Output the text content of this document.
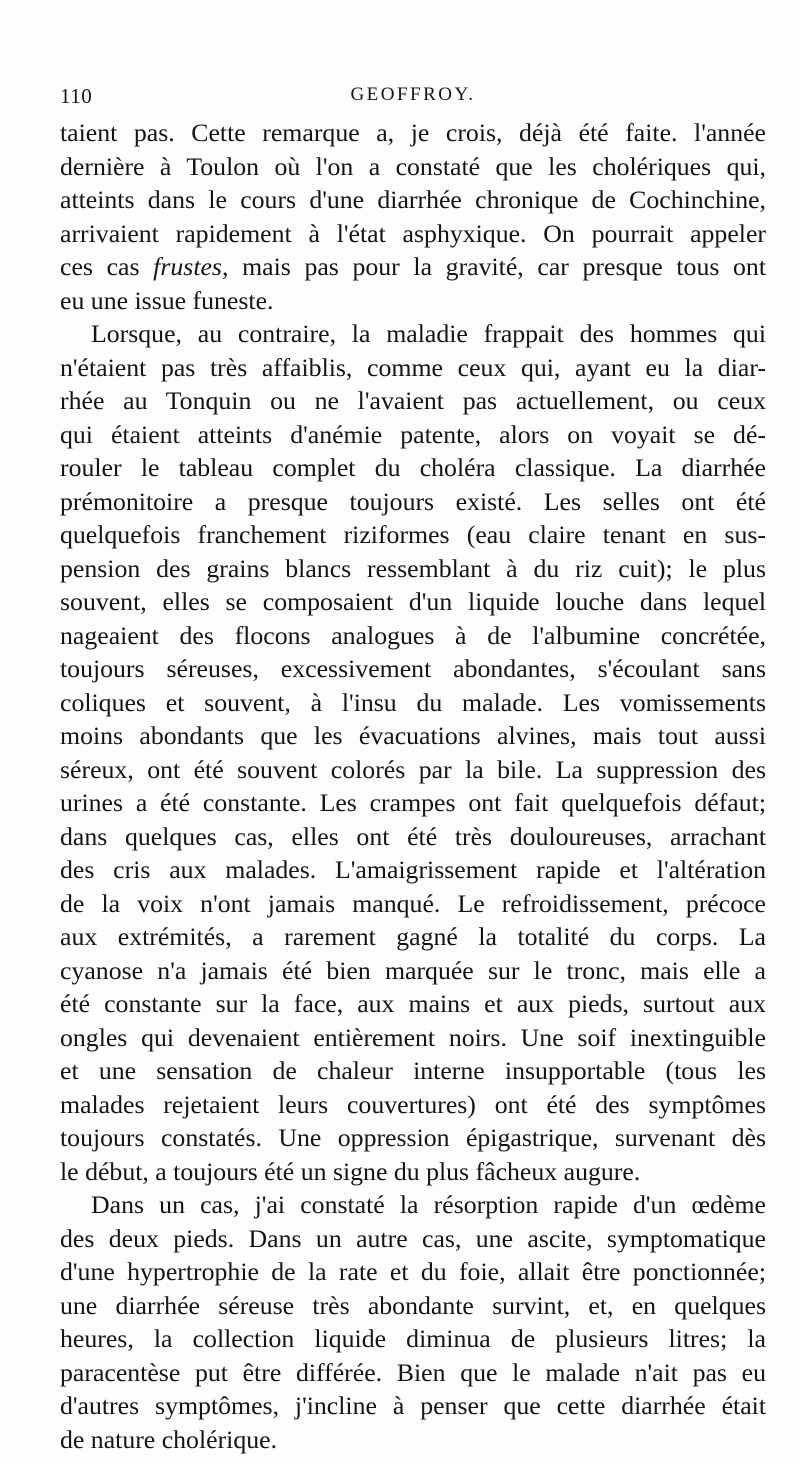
110	GEOFFROY.
taient pas. Cette remarque a, je crois, déjà été faite. l'année
dernière à Toulon où l'on a constaté que les cholériques qui,
atteints dans le cours d'une diarrhée chronique de Cochinchine,
arrivaient rapidement à l'état asphyxique. On pourrait appeler
ces cas frustes, mais pas pour la gravité, car presque tous ont
eu une issue funeste.
Lorsque, au contraire, la maladie frappait des hommes qui
n'étaient pas très affaiblis, comme ceux qui, ayant eu la diar-
rhée au Tonquin ou ne l'avaient pas actuellement, ou ceux
qui étaient atteints d'anémie patente, alors on voyait se dé-
rouler le tableau complet du choléra classique. La diarrhée
prémonitoire a presque toujours existé. Les selles ont été
quelquefois franchement riziformes (eau claire tenant en sus-
pension des grains blancs ressemblant à du riz cuit); le plus
souvent, elles se composaient d'un liquide louche dans lequel
nageaient des flocons analogues à de l'albumine concrétée,
toujours séreuses, excessivement abondantes, s'écoulant sans
coliques et souvent, à l'insu du malade. Les vomissements
moins abondants que les évacuations alvines, mais tout aussi
séreux, ont été souvent colorés par la bile. La suppression des
urines a été constante. Les crampes ont fait quelquefois défaut;
dans quelques cas, elles ont été très douloureuses, arrachant
des cris aux malades. L'amaigrissement rapide et l'altération
de la voix n'ont jamais manqué. Le refroidissement, précoce
aux extrémités, a rarement gagné la totalité du corps. La
cyanose n'a jamais été bien marquée sur le tronc, mais elle a
été constante sur la face, aux mains et aux pieds, surtout aux
ongles qui devenaient entièrement noirs. Une soif inextinguible
et une sensation de chaleur interne insupportable (tous les
malades rejetaient leurs couvertures) ont été des symptômes
toujours constatés. Une oppression épigastrique, survenant dès
le début, a toujours été un signe du plus fâcheux augure.
Dans un cas, j'ai constaté la résorption rapide d'un œdème
des deux pieds. Dans un autre cas, une ascite, symptomatique
d'une hypertrophie de la rate et du foie, allait être ponctionnée;
une diarrhée séreuse très abondante survint, et, en quelques
heures, la collection liquide diminua de plusieurs litres; la
paracentèse put être différée. Bien que le malade n'ait pas eu
d'autres symptômes, j'incline à penser que cette diarrhée était
de nature cholérique.
